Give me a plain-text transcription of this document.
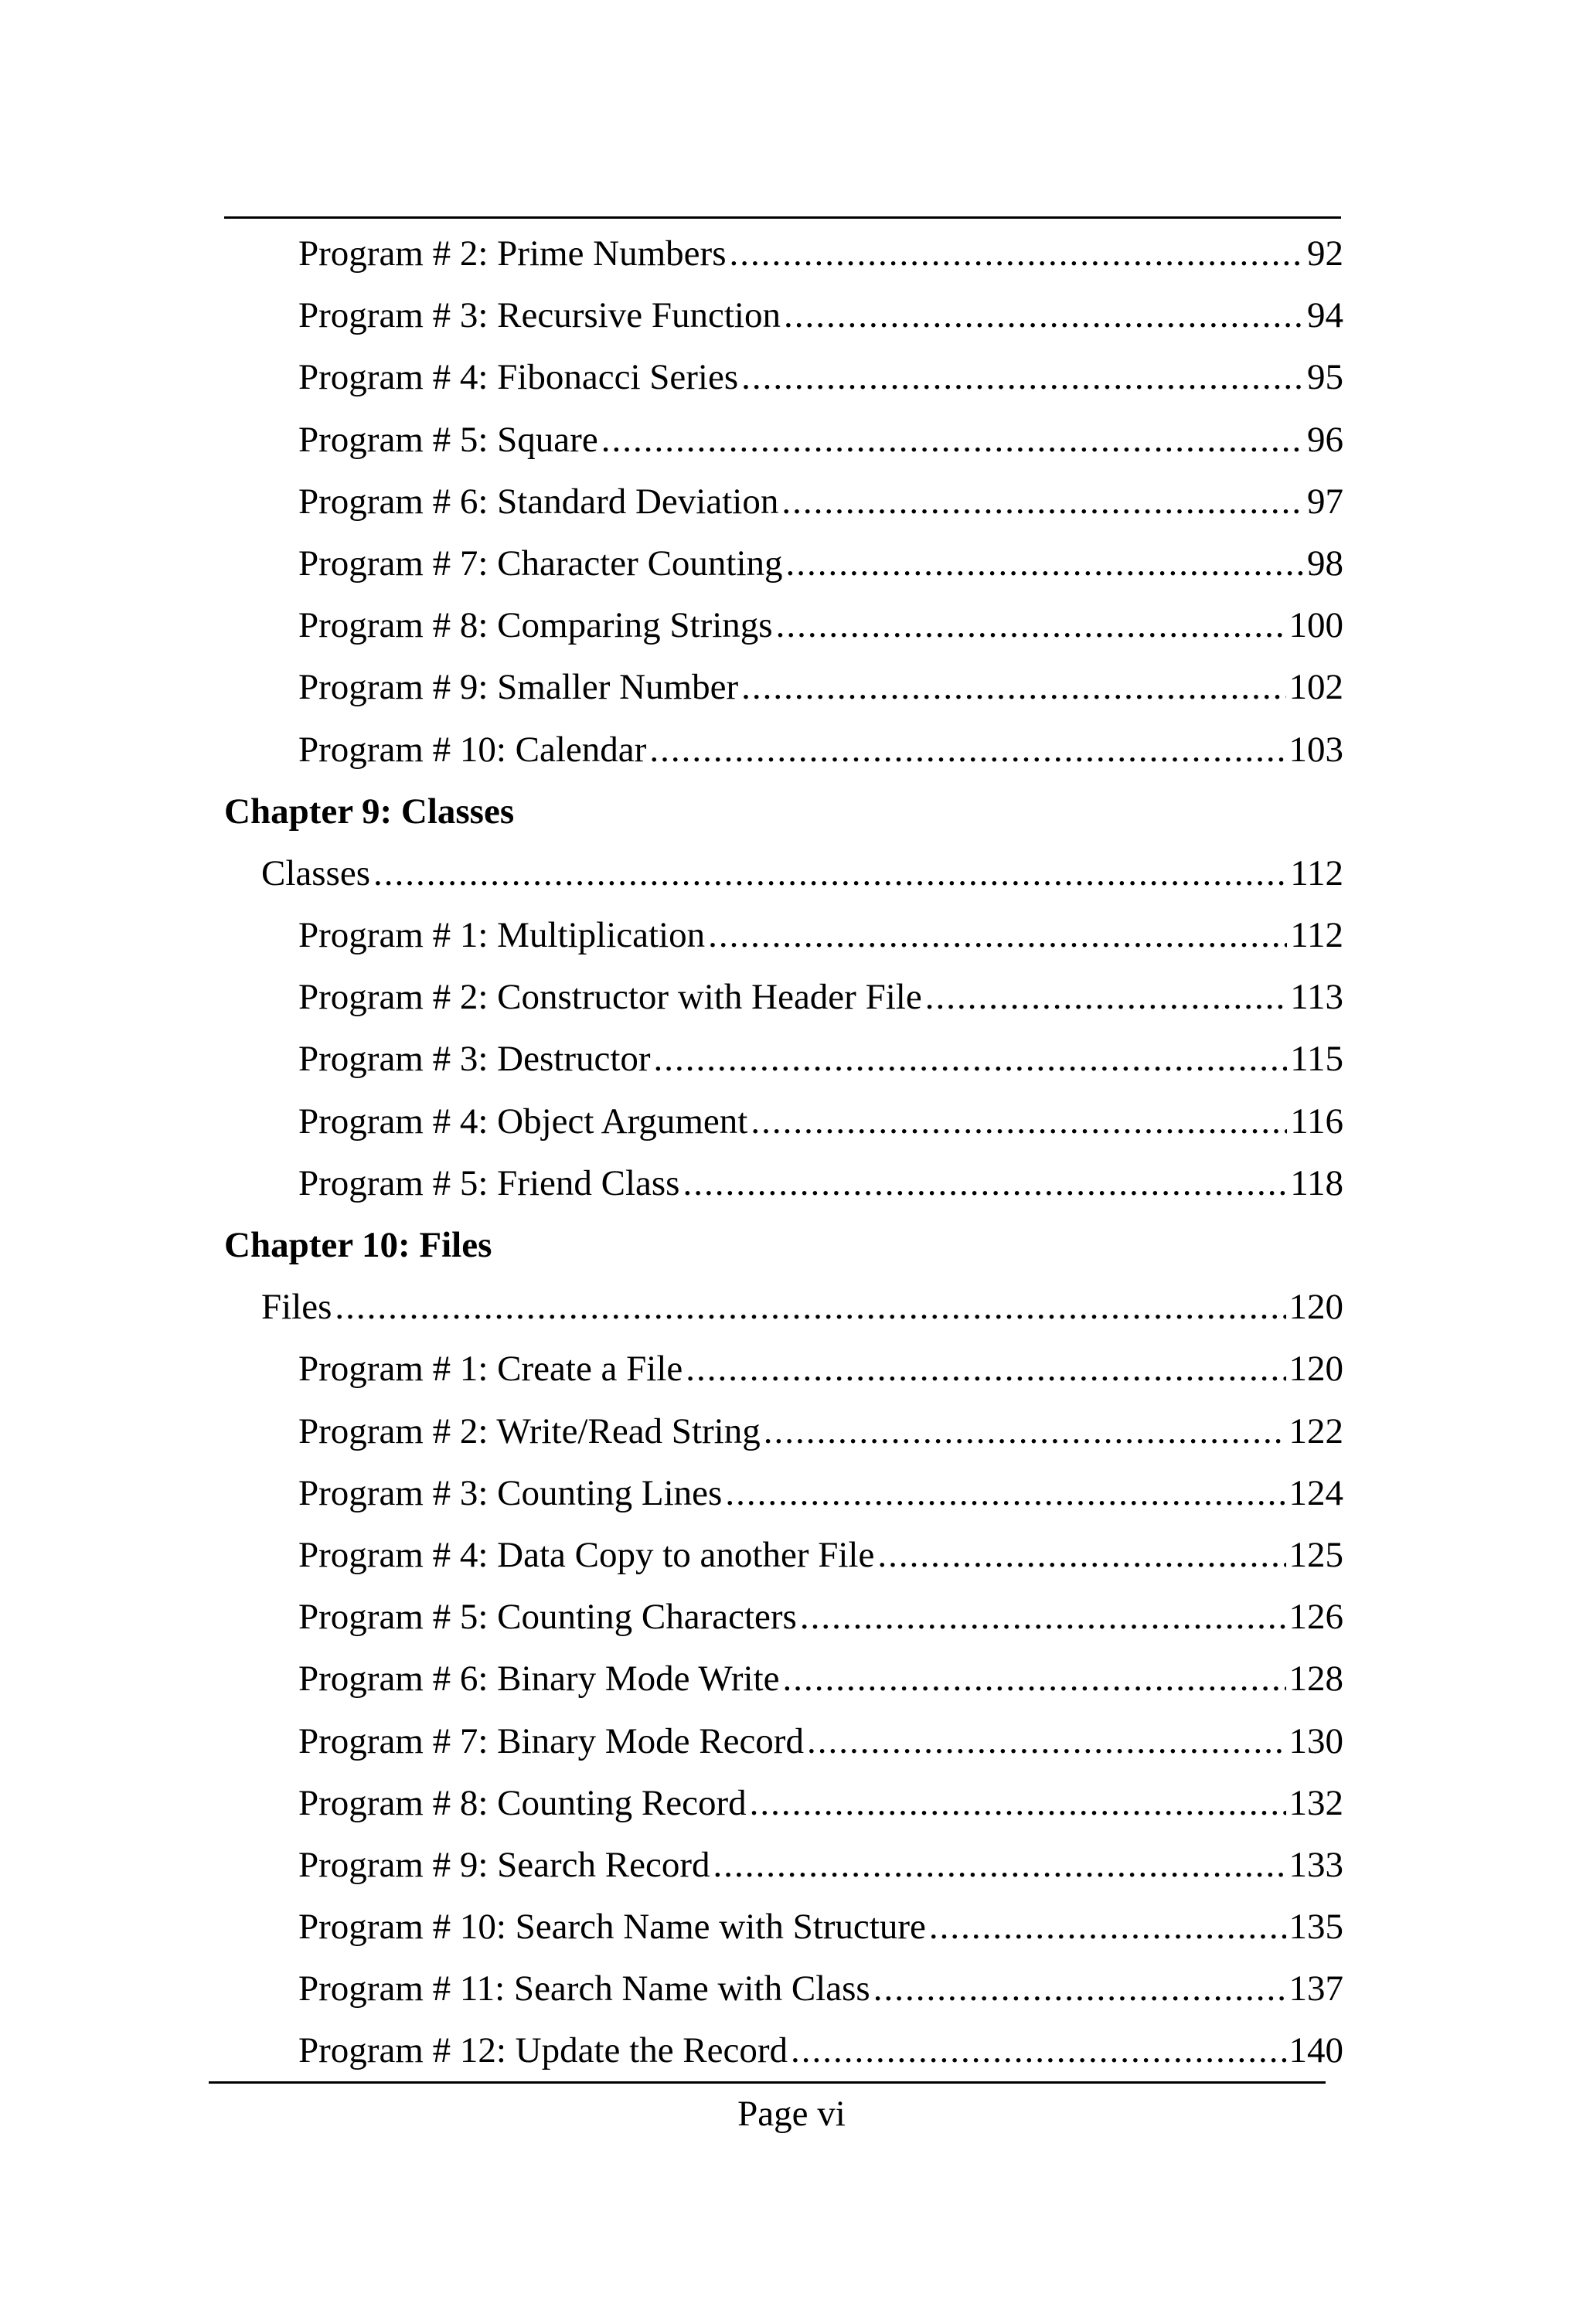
Program # 2: Prime Numbers .....	92
Program # 3: Recursive Function .....	94
Program # 4: Fibonacci Series .....	95
Program # 5: Square .....	96
Program # 6: Standard Deviation .....	97
Program # 7: Character Counting .....	98
Program # 8: Comparing Strings .....	100
Program # 9: Smaller Number .....	102
Program # 10: Calendar .....	103
Chapter 9: Classes
Classes .....	112
Program # 1: Multiplication .....	112
Program # 2: Constructor with Header File .....	113
Program # 3: Destructor .....	115
Program # 4: Object Argument .....	116
Program # 5: Friend Class .....	118
Chapter 10: Files
Files .....	120
Program # 1: Create a File .....	120
Program # 2: Write/Read String .....	122
Program # 3: Counting Lines .....	124
Program # 4: Data Copy to another File .....	125
Program # 5: Counting Characters .....	126
Program # 6: Binary Mode Write .....	128
Program # 7: Binary Mode Record .....	130
Program # 8: Counting Record .....	132
Program # 9: Search Record .....	133
Program # 10: Search Name with Structure .....	135
Program # 11: Search Name with Class .....	137
Program # 12: Update the Record .....	140
Page vi
